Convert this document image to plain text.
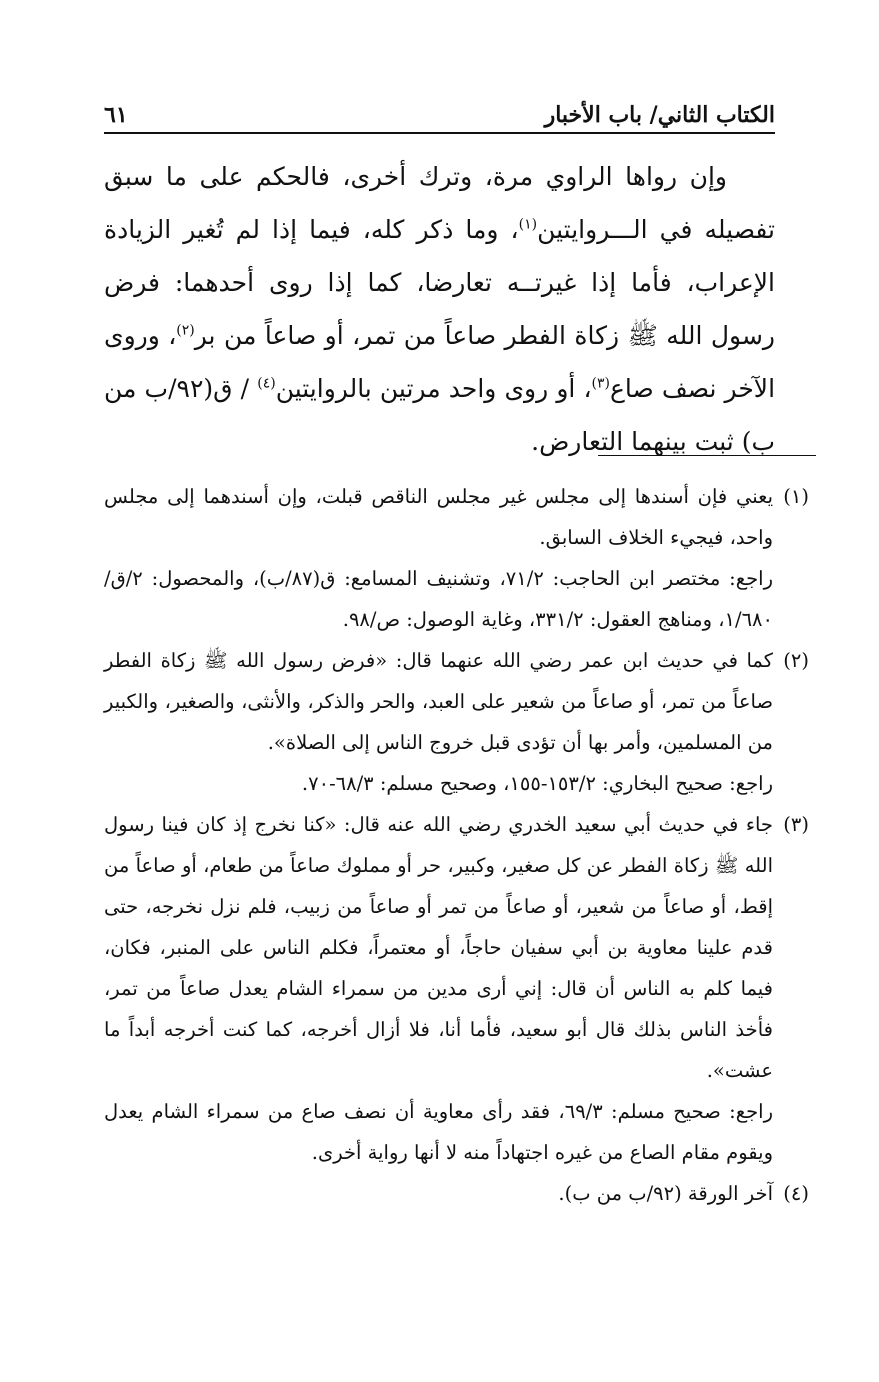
الكتاب الثاني/ باب الأخبار
٦١

وإن رواها الراوي مرة، وترك أخرى، فالحكم على ما سبق تفصيله في الـــروايتين$^{(١)}$، وما ذكر كله، فيما إذا لم تُغير الزيادة الإعراب، فأما إذا غيرتــه تعارضا، كما إذا روى أحدهما: فرض رسول الله ﷺ زكاة الفطر صاعاً من تمر، أو صاعاً من بر$^{(٢)}$، وروى الآخر نصف صاع$^{(٣)}$، أو روى واحد مرتين بالروايتين$^{(٤)}$ / ق(٩٢/ب من ب) ثبت بينهما التعارض.

(١)

يعني فإن أسندها إلى مجلس غير مجلس الناقص قبلت، وإن أسندهما إلى مجلس واحد، فيجيء الخلاف السابق.

راجع: مختصر ابن الحاجب: ٧١/٢، وتشنيف المسامع: ق(٨٧/ب)، والمحصول: ٢/ق/١/٦٨٠، ومناهج العقول: ٣٣١/٢، وغاية الوصول: ص/٩٨.

(٢)

كما في حديث ابن عمر رضي الله عنهما قال: «فرض رسول الله ﷺ زكاة الفطر صاعاً من تمر، أو صاعاً من شعير على العبد، والحر والذكر، والأنثى، والصغير، والكبير من المسلمين، وأمر بها أن تؤدى قبل خروج الناس إلى الصلاة».

راجع: صحيح البخاري: ١٥٣/٢-١٥٥، وصحيح مسلم: ٦٨/٣-٧٠.

(٣)

جاء في حديث أبي سعيد الخدري رضي الله عنه قال: «كنا نخرج إذ كان فينا رسول الله ﷺ زكاة الفطر عن كل صغير، وكبير، حر أو مملوك صاعاً من طعام، أو صاعاً من إقط، أو صاعاً من شعير، أو صاعاً من تمر أو صاعاً من زبيب، فلم نزل نخرجه، حتى قدم علينا معاوية بن أبي سفيان حاجاً، أو معتمراً، فكلم الناس على المنبر، فكان، فيما كلم به الناس أن قال: إني أرى مدين من سمراء الشام يعدل صاعاً من تمر، فأخذ الناس بذلك قال أبو سعيد، فأما أنا، فلا أزال أخرجه، كما كنت أخرجه أبداً ما عشت».

راجع: صحيح مسلم: ٦٩/٣، فقد رأى معاوية أن نصف صاع من سمراء الشام يعدل ويقوم مقام الصاع من غيره اجتهاداً منه لا أنها رواية أخرى.

(٤)

آخر الورقة (٩٢/ب من ب).
